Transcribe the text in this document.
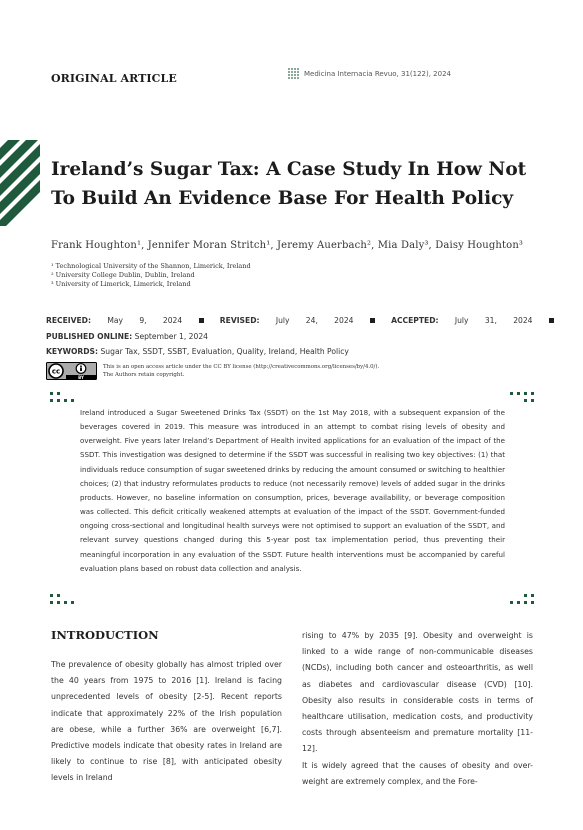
ORIGINAL ARTICLE	Medicina Internacia Revuo, 31(122), 2024
Ireland’s Sugar Tax: A Case Study In How Not To Build An Evidence Base For Health Policy
Frank Houghton¹, Jennifer Moran Stritch¹, Jeremy Auerbach², Mia Daly³, Daisy Houghton³
¹ Technological University of the Shannon, Limerick, Ireland
² University College Dublin, Dublin, Ireland
³ University of Limerick, Limerick, Ireland
RECEIVED: May 9, 2024	REVISED: July 24, 2024	ACCEPTED: July 31, 2024
PUBLISHED ONLINE: September 1, 2024
KEYWORDS: Sugar Tax, SSDT, SSBT, Evaluation, Quality, Ireland, Health Policy
cc
BY
This is an open access article under the CC BY license (http://creativecommons.org/licenses/by/4.0/).
The Authors retain copyright.

Ireland introduced a Sugar Sweetened Drinks Tax (SSDT) on the 1st May 2018, with a subsequent expansion of the beverages covered in 2019. This measure was introduced in an attempt to combat rising levels of obesity and overweight. Five years later Ireland’s Department of Health invited applications for an evaluation of the impact of the SSDT. This investigation was designed to determine if the SSDT was successful in realising two key objectives: (1) that individuals reduce consumption of sugar sweetened drinks by reducing the amount consumed or switching to healthier choices; (2) that industry reformulates products to reduce (not necessarily remove) levels of added sugar in the drinks products. However, no baseline information on consumption, prices, beverage availability, or beverage composition was collected. This deficit critically weakened attempts at evaluation of the impact of the SSDT. Government-funded ongoing cross-sectional and longitudinal health surveys were not optimised to support an evaluation of the SSDT, and relevant survey questions changed during this 5-year post tax implementation period, thus preventing their meaningful incorporation in any evaluation of the SSDT. Future health interventions must be accompanied by careful evaluation plans based on robust data collection and analysis.

INTRODUCTION

The prevalence of obesity globally has almost tripled over the 40 years from 1975 to 2016 [1]. Ireland is facing unprecedented levels of obesity [2-5]. Recent reports indicate that approximately 22% of the Irish population are obese, while a further 36% are overweight [6,7]. Predictive models indicate that obesity rates in Ireland are likely to continue to rise [8], with anticipated obesity levels in Ireland

rising to 47% by 2035 [9]. Obesity and overweight is linked to a wide range of non-communicable diseases (NCDs), including both cancer and osteoarthritis, as well as diabetes and cardiovascular disease (CVD) [10]. Obesity also results in considerable costs in terms of healthcare utilisation, medication costs, and productivity costs through absenteeism and premature mortality [11-12].

It is widely agreed that the causes of obesity and over-weight are extremely complex, and the Fore-
